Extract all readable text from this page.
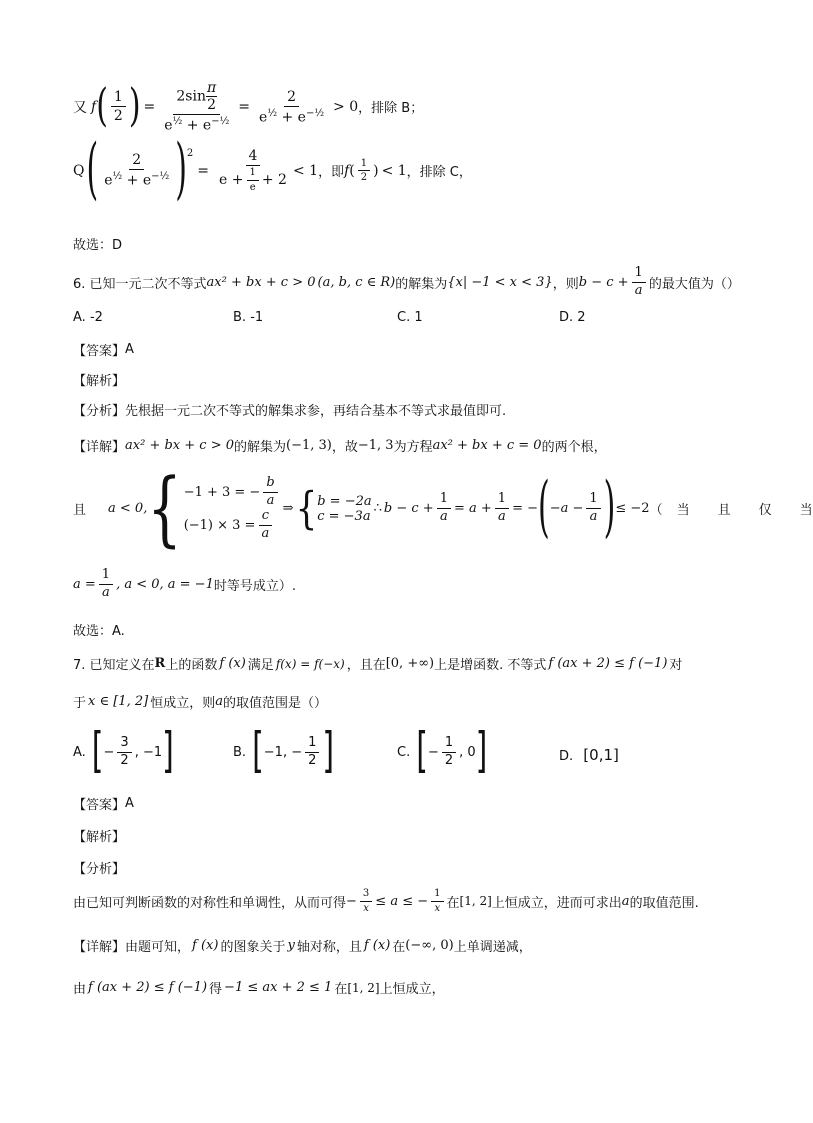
又 f ( $\frac{1}{2}$ ) = $\frac{2\sin \frac{\pi}{2}}{e^{\frac{1}{2}} + e^{-\frac{1}{2}}} = \frac{2}{e^{\frac{1}{2}} + e^{-\frac{1}{2}}} > 0$ ，排除 B；
Q ( $\frac{2}{e^{\frac{1}{2}} + e^{-\frac{1}{2}}}$ ) 2
= $\frac{4}{e + \frac{1}{e} + 2} < 1$ ，即 f ( $\frac{1}{2}$ ) < 1 ，排除 C，
故选：D
6. 已知一元二次不等式 ax² + bx + c > 0 (a, b, c ∈ R) 的解集为 {x| −1 < x < 3} ，则 $b - c + \frac{1}{a}$ 的最大值为（）
A. -2	B. -1	C. 1	D. 2
【答案】 A
【解析】
【分析】 先根据一元二次不等式的解集求参，再结合基本不等式求最值即可.
【详解】 ax² + bx + c > 0 的解集为 (−1, 3) ，故 −1, 3 为方程 ax² + bx + c = 0 的两个根，
且 a < 0, { −1 + 3 = − $\frac{b}{a}$
$(-1) \times 3 = \frac{c}{a}$ ⇒ { b = −2a
c = −3a ∴ $b - c + \frac{1}{a} = a + \frac{1}{a}$ = − ( $-a - \frac{1}{a}$ ) ≤ −2 （ 当 且 仅 当
$a = \frac{1}{a}$ , a < 0, a = −1 时等号成立）.
故选：A.
7. 已知定义在 R 上的函数 f (x) 满足 f(x) = f(−x) ，且在 [0, +∞) 上是增函数. 不等式 f (ax + 2) ≤ f (−1) 对
于 x ∈ [1, 2] 恒成立，则 a 的取值范围是（）
A. [ − $\frac{3}{2}$ , −1 ]	B. [ −1, − $\frac{1}{2}$ ]	C. [ − $\frac{1}{2}$ , 0 ]	D. [0,1]
【答案】 A
【解析】
【分析】
由已知可判断函数的对称性和单调性，从而可得 − $\frac{3}{x} \le a$ ≤ − $\frac{1}{x}$ 在 [1, 2] 上恒成立，进而可求出 a 的取值范围.
【详解】 由题可知， f (x) 的图象关于 y 轴对称，且 f (x) 在 (−∞, 0) 上单调递减，
由 f (ax + 2) ≤ f (−1) 得 −1 ≤ ax + 2 ≤ 1 在 [1, 2] 上恒成立，
